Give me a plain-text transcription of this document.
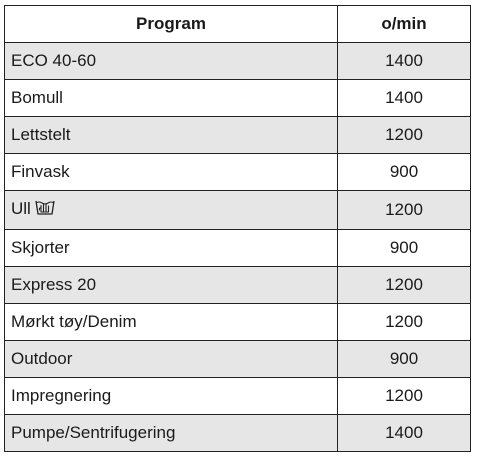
Program	o/min
ECO 40-60	1400
Bomull	1400
Lettstelt	1200
Finvask	900
Ull	1200
Skjorter	900
Express 20	1200
Mørkt tøy/Denim	1200
Outdoor	900
Impregnering	1200
Pumpe/Sentrifugering	1400
